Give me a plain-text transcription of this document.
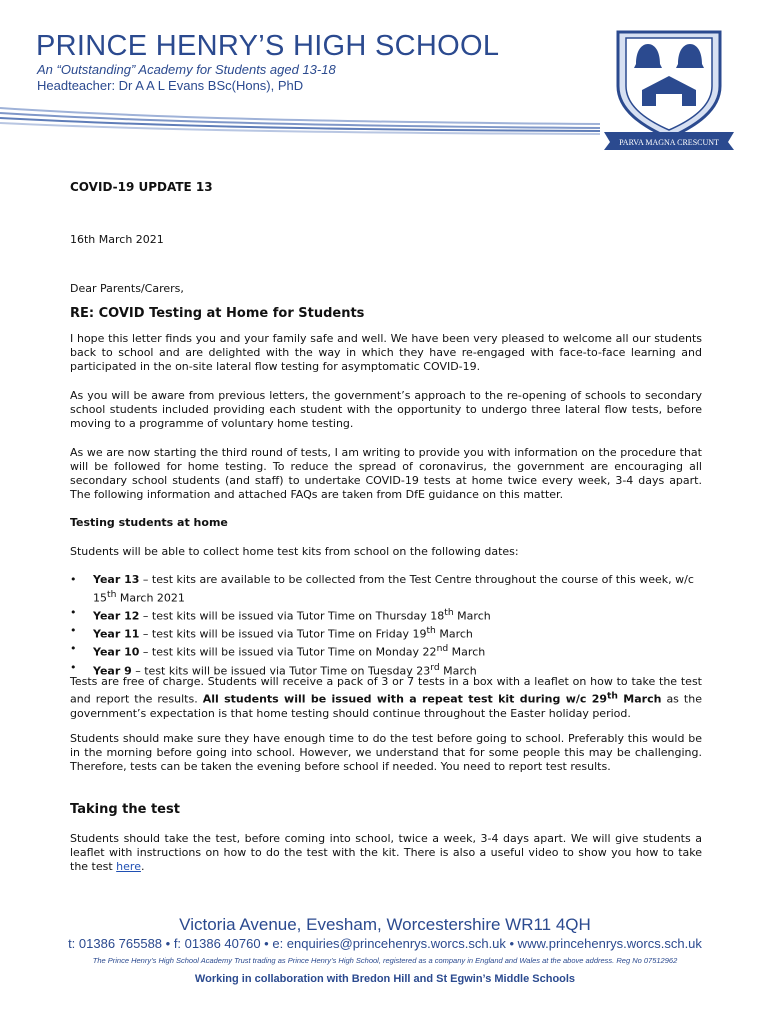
PRINCE HENRY’S HIGH SCHOOL
An “Outstanding” Academy for Students aged 13-18
Headteacher: Dr A A L Evans BSc(Hons), PhD
PARVA MAGNA CRESCUNT
COVID-19 UPDATE 13
16th March 2021
Dear Parents/Carers,
RE: COVID Testing at Home for Students

I hope this letter finds you and your family safe and well. We have been very pleased to welcome all our students back to school and are delighted with the way in which they have re-engaged with face-to-face learning and participated in the on-site lateral flow testing for asymptomatic COVID-19.

As you will be aware from previous letters, the government’s approach to the re-opening of schools to secondary school students included providing each student with the opportunity to undergo three lateral flow tests, before moving to a programme of voluntary home testing.

As we are now starting the third round of tests, I am writing to provide you with information on the procedure that will be followed for home testing. To reduce the spread of coronavirus, the government are encouraging all secondary school students (and staff) to undertake COVID-19 tests at home twice every week, 3-4 days apart. The following information and attached FAQs are taken from DfE guidance on this matter.

Testing students at home
Students will be able to collect home test kits from school on the following dates:
• Year 13 – test kits are available to be collected from the Test Centre throughout the course of this week, w/c 15th March 2021
• Year 12 – test kits will be issued via Tutor Time on Thursday 18th March
• Year 11 – test kits will be issued via Tutor Time on Friday 19th March
• Year 10 – test kits will be issued via Tutor Time on Monday 22nd March
• Year 9 – test kits will be issued via Tutor Time on Tuesday 23rd March

Tests are free of charge. Students will receive a pack of 3 or 7 tests in a box with a leaflet on how to take the test and report the results. All students will be issued with a repeat test kit during w/c 29th March as the government’s expectation is that home testing should continue throughout the Easter holiday period.

Students should make sure they have enough time to do the test before going to school. Preferably this would be in the morning before going into school. However, we understand that for some people this may be challenging. Therefore, tests can be taken the evening before school if needed. You need to report test results.

Taking the test

Students should take the test, before coming into school, twice a week, 3-4 days apart. We will give students a leaflet with instructions on how to do the test with the kit. There is also a useful video to show you how to take the test here.

Victoria Avenue, Evesham, Worcestershire WR11 4QH
t: 01386 765588 • f: 01386 40760 • e: enquiries@princehenrys.worcs.sch.uk • www.princehenrys.worcs.sch.uk
The Prince Henry’s High School Academy Trust trading as Prince Henry’s High School, registered as a company in England and Wales at the above address. Reg No 07512962
Working in collaboration with Bredon Hill and St Egwin’s Middle Schools
